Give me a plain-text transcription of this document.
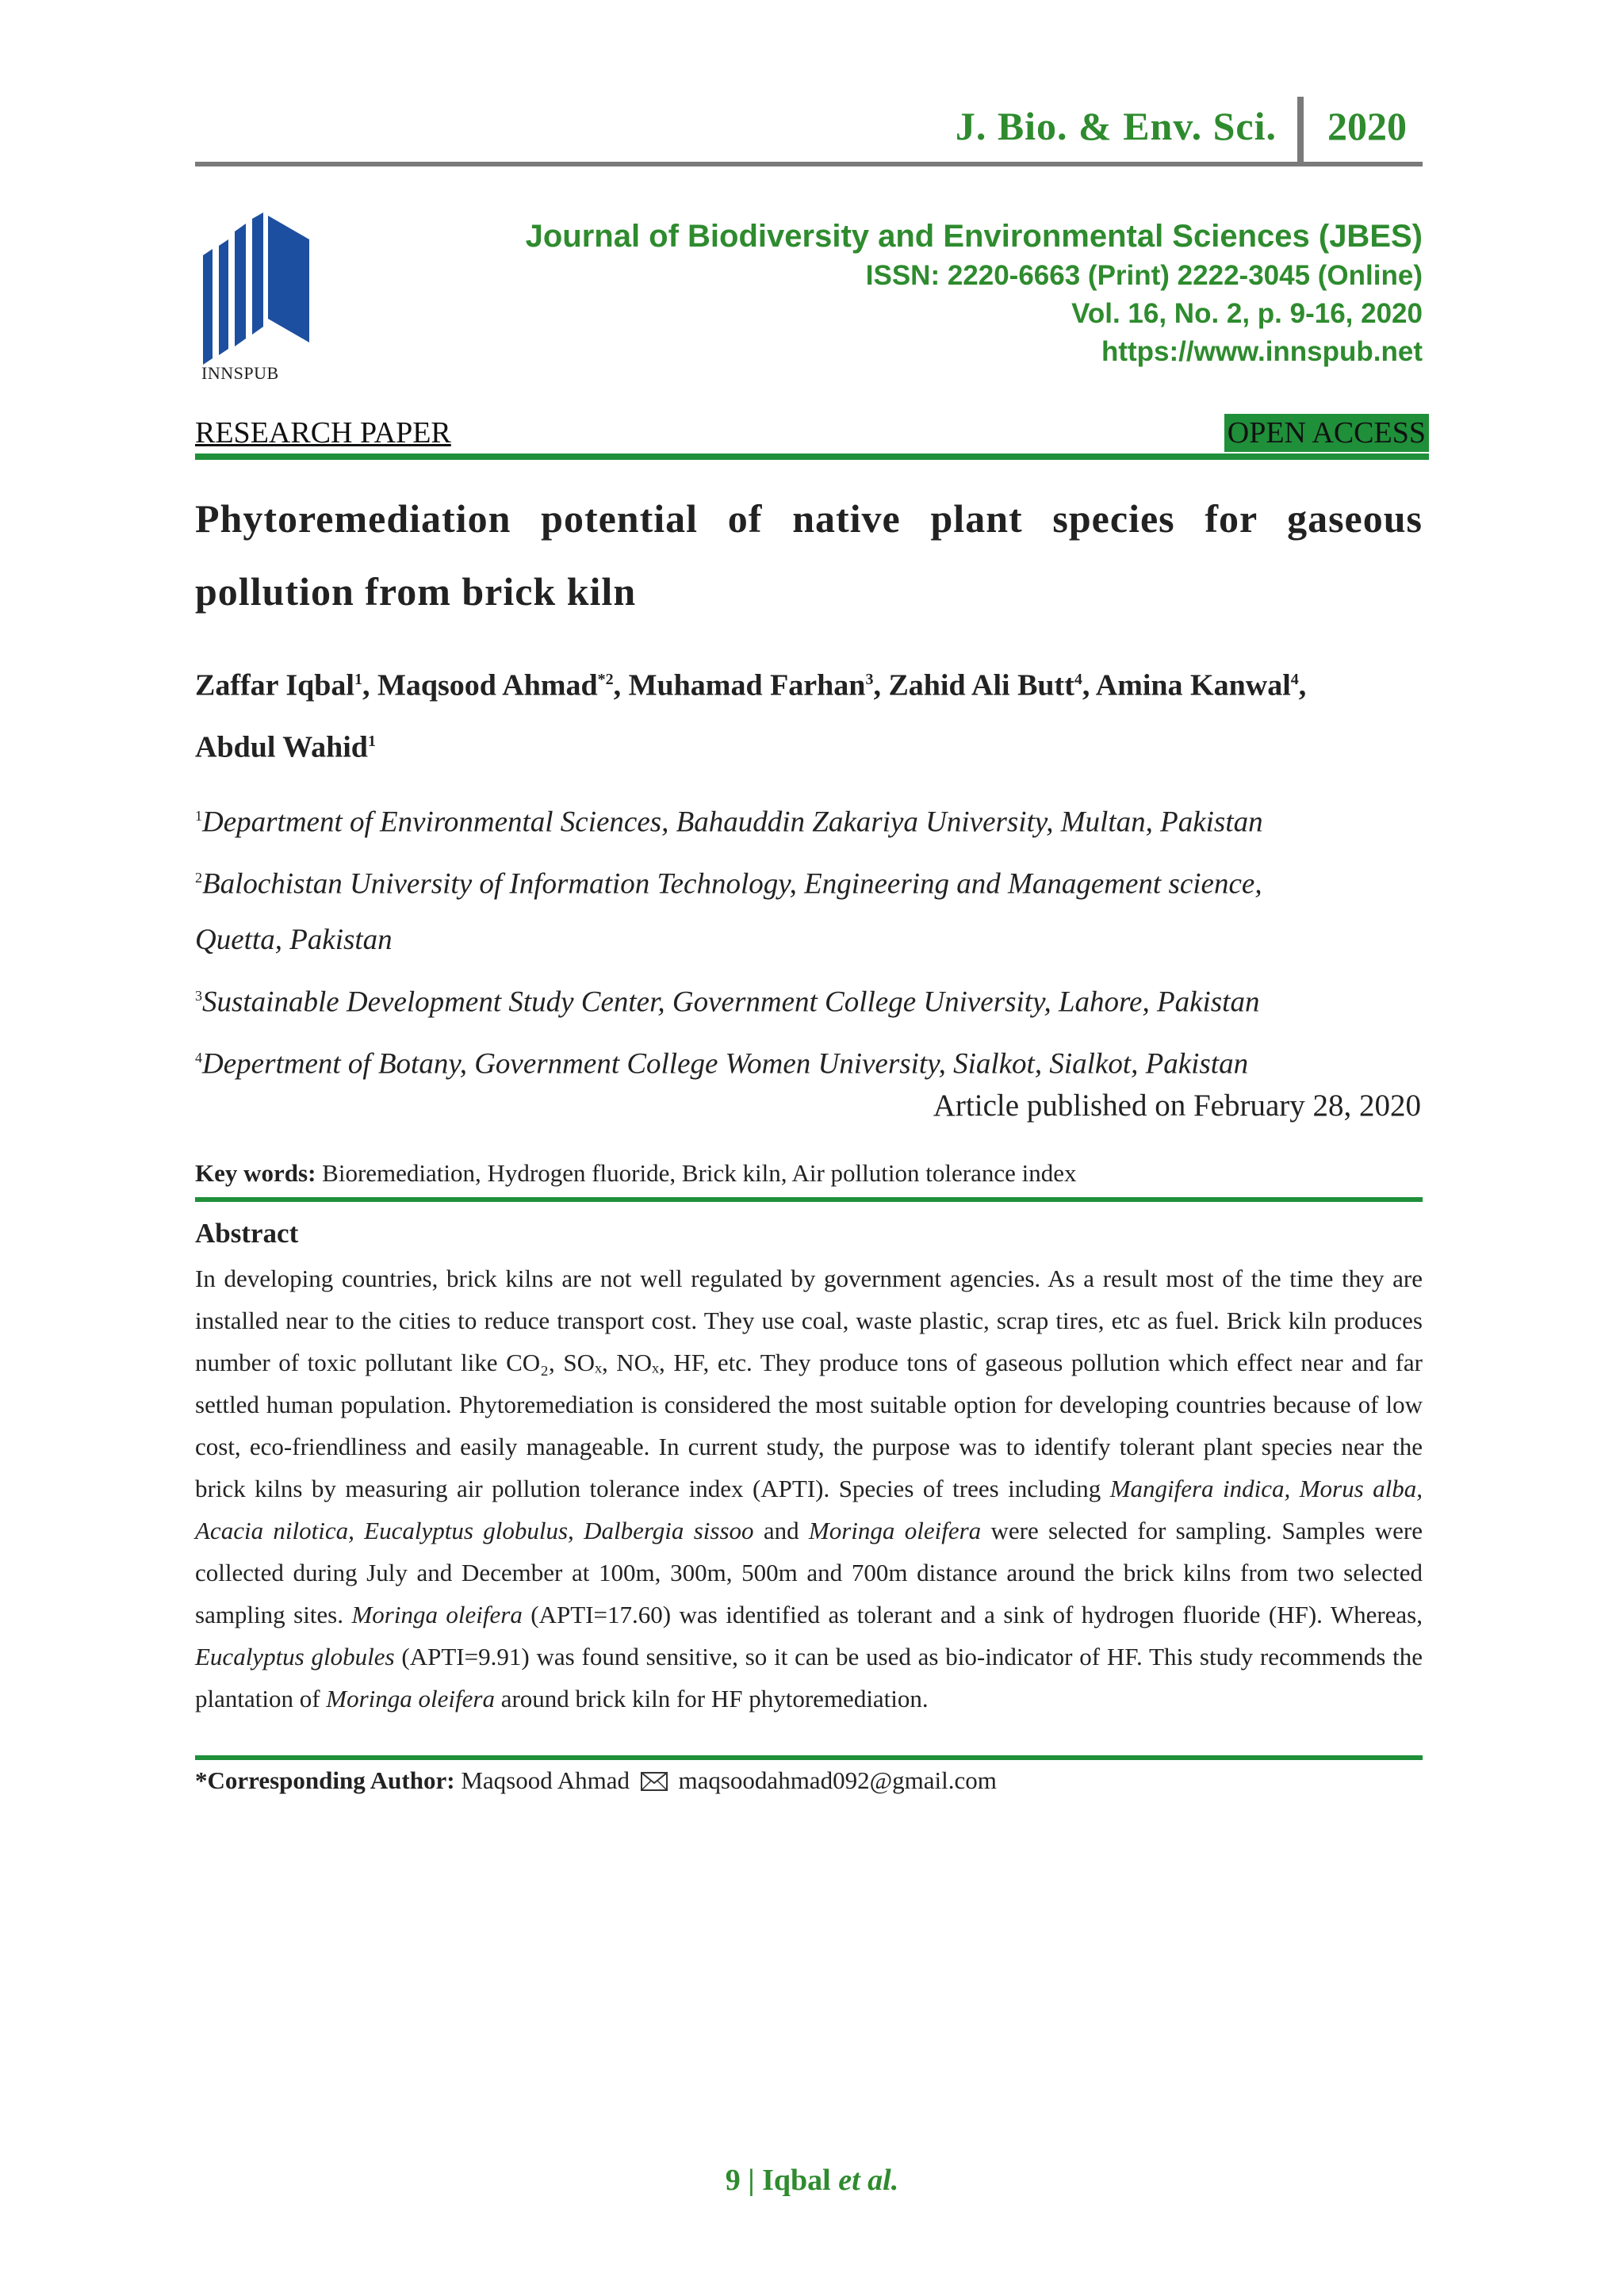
J. Bio. & Env. Sci. 2020
INNSPUB
Journal of Biodiversity and Environmental Sciences (JBES)
ISSN: 2220-6663 (Print) 2222-3045 (Online)
Vol. 16, No. 2, p. 9-16, 2020
https://www.innspub.net
RESEARCH PAPER	OPEN ACCESS
Phytoremediation potential of native plant species for gaseous pollution from brick kiln
Zaffar Iqbal$^1$, Maqsood Ahmad$^{*2}$, Muhamad Farhan$^3$, Zahid Ali Butt$^4$, Amina Kanwal$^4$,
Abdul Wahid$^1$
$^1$Department of Environmental Sciences, Bahauddin Zakariya University, Multan, Pakistan
$^2$Balochistan University of Information Technology, Engineering and Management science, Quetta, Pakistan
$^3$Sustainable Development Study Center, Government College University, Lahore, Pakistan
$^4$Depertment of Botany, Government College Women University, Sialkot, Sialkot, Pakistan
Article published on February 28, 2020
Key words: Bioremediation, Hydrogen fluoride, Brick kiln, Air pollution tolerance index
Abstract
In developing countries, brick kilns are not well regulated by government agencies. As a result most of the time they are installed near to the cities to reduce transport cost. They use coal, waste plastic, scrap tires, etc as fuel. Brick kiln produces number of toxic pollutant like CO₂, SOₓ, NOₓ, HF, etc. They produce tons of gaseous pollution which effect near and far settled human population. Phytoremediation is considered the most suitable option for developing countries because of low cost, eco-friendliness and easily manageable. In current study, the purpose was to identify tolerant plant species near the brick kilns by measuring air pollution tolerance index (APTI). Species of trees including Mangifera indica, Morus alba, Acacia nilotica, Eucalyptus globulus, Dalbergia sissoo and Moringa oleifera were selected for sampling. Samples were collected during July and December at 100m, 300m, 500m and 700m distance around the brick kilns from two selected sampling sites. Moringa oleifera (APTI=17.60) was identified as tolerant and a sink of hydrogen fluoride (HF). Whereas, Eucalyptus globules (APTI=9.91) was found sensitive, so it can be used as bio-indicator of HF. This study recommends the plantation of Moringa oleifera around brick kiln for HF phytoremediation.
*Corresponding Author: Maqsood Ahmad maqsoodahmad092@gmail.com
9 | Iqbal et al.
